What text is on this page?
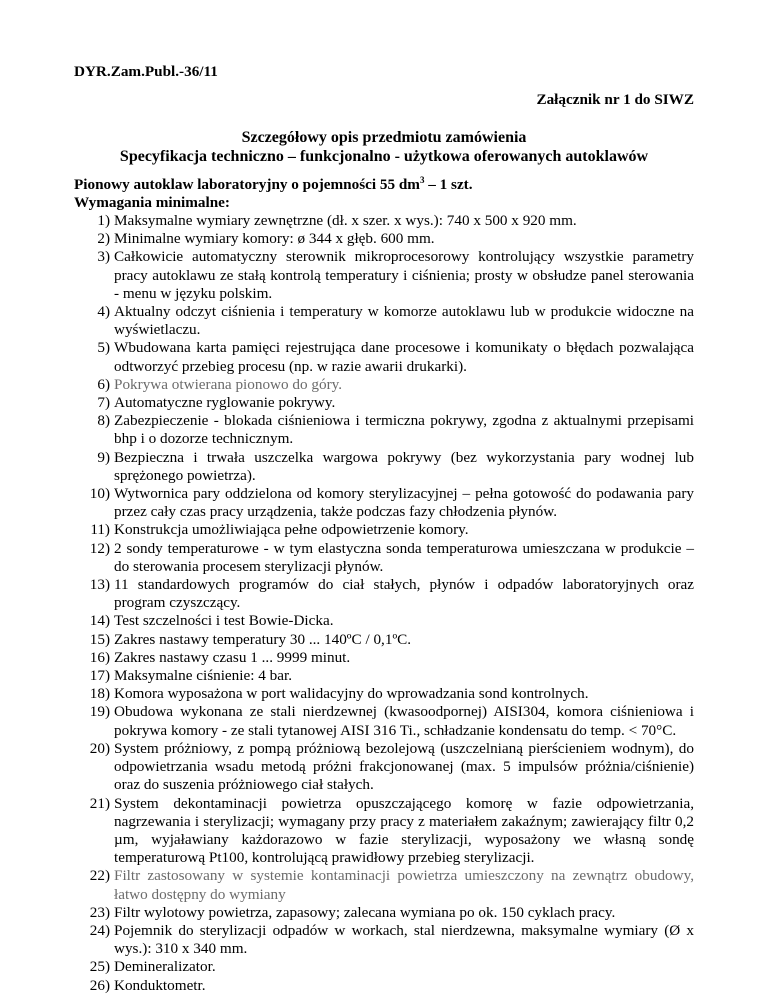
DYR.Zam.Publ.-36/11
Załącznik nr 1 do SIWZ
Szczegółowy opis przedmiotu zamówienia
Specyfikacja techniczno – funkcjonalno - użytkowa oferowanych autoklawów
Pionowy autoklaw laboratoryjny o pojemności 55 $dm^3 - 1$ szt.
Wymagania minimalne:
1) Maksymalne wymiary zewnętrzne (dł. x szer. x wys.): 740 x 500 x 920 mm.
2) Minimalne wymiary komory: ø 344 x głęb. 600 mm.
3) Całkowicie automatyczny sterownik mikroprocesorowy kontrolujący wszystkie parametry pracy autoklawu ze stałą kontrolą temperatury i ciśnienia; prosty w obsłudze panel sterowania - menu w języku polskim.
4) Aktualny odczyt ciśnienia i temperatury w komorze autoklawu lub w produkcie widoczne na wyświetlaczu.
5) Wbudowana karta pamięci rejestrująca dane procesowe i komunikaty o błędach pozwalająca odtworzyć przebieg procesu (np. w razie awarii drukarki).
6) Pokrywa otwierana pionowo do góry.
7) Automatyczne ryglowanie pokrywy.
8) Zabezpieczenie - blokada ciśnieniowa i termiczna pokrywy, zgodna z aktualnymi przepisami bhp i o dozorze technicznym.
9) Bezpieczna i trwała uszczelka wargowa pokrywy (bez wykorzystania pary wodnej lub sprężonego powietrza).
10) Wytwornica pary oddzielona od komory sterylizacyjnej – pełna gotowość do podawania pary przez cały czas pracy urządzenia, także podczas fazy chłodzenia płynów.
11) Konstrukcja umożliwiająca pełne odpowietrzenie komory.
12) 2 sondy temperaturowe - w tym elastyczna sonda temperaturowa umieszczana w produkcie – do sterowania procesem sterylizacji płynów.
13) 11 standardowych programów do ciał stałych, płynów i odpadów laboratoryjnych oraz program czyszczący.
14) Test szczelności i test Bowie-Dicka.
15) Zakres nastawy temperatury 30 ... 140ºC / 0,1ºC.
16) Zakres nastawy czasu 1 ... 9999 minut.
17) Maksymalne ciśnienie: 4 bar.
18) Komora wyposażona w port walidacyjny do wprowadzania sond kontrolnych.
19) Obudowa wykonana ze stali nierdzewnej (kwasoodpornej) AISI304, komora ciśnieniowa i pokrywa komory - ze stali tytanowej AISI 316 Ti., schładzanie kondensatu do temp. < 70°C.
20) System próżniowy, z pompą próżniową bezolejową (uszczelnianą pierścieniem wodnym), do odpowietrzania wsadu metodą próżni frakcjonowanej (max. 5 impulsów próżnia/ciśnienie) oraz do suszenia próżniowego ciał stałych.
21) System dekontaminacji powietrza opuszczającego komorę w fazie odpowietrzania, nagrzewania i sterylizacji; wymagany przy pracy z materiałem zakaźnym; zawierający filtr 0,2 µm, wyjaławiany każdorazowo w fazie sterylizacji, wyposażony we własną sondę temperaturową Pt100, kontrolującą prawidłowy przebieg sterylizacji.
22) Filtr zastosowany w systemie kontaminacji powietrza umieszczony na zewnątrz obudowy, łatwo dostępny do wymiany
23) Filtr wylotowy powietrza, zapasowy; zalecana wymiana po ok. 150 cyklach pracy.
24) Pojemnik do sterylizacji odpadów w workach, stal nierdzewna, maksymalne wymiary (Ø x wys.): 310 x 340 mm.
25) Demineralizator.
26) Konduktometr.
